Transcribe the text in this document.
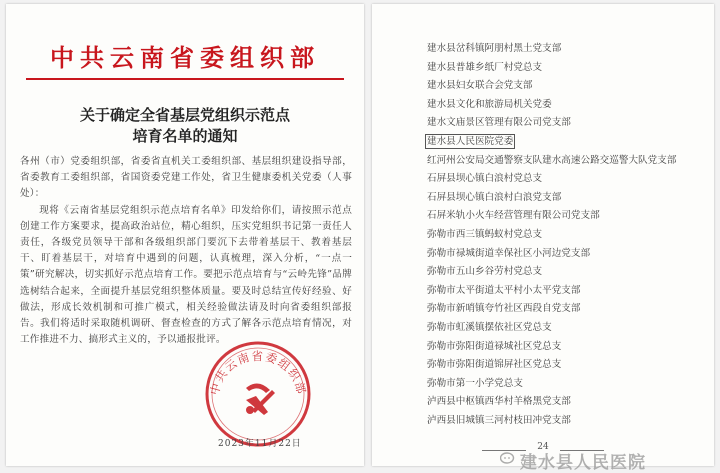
中共云南省委组织部
关于确定全省基层党组织示范点
培育名单的通知

各州（市）党委组织部，省委省直机关工委组织部、基层组织建设指导部，省委教育工委组织部，省国资委党建工作处，省卫生健康委机关党委（人事处）：

现将《云南省基层党组织示范点培育名单》印发给你们，请按照示范点创建工作方案要求，提高政治站位，精心组织，压实党组织书记第一责任人责任，各级党员领导干部和各级组织部门要沉下去带着基层干、教着基层干、盯着基层干，对培育中遇到的问题，认真梳理，深入分析，“一点一策”研究解决，切实抓好示范点培育工作。要把示范点培育与“云岭先锋”品牌选树结合起来，全面提升基层党组织整体质量。要及时总结宣传好经验、好做法，形成长效机制和可推广模式，相关经验做法请及时向省委组织部报告。我们将适时采取随机调研、督查检查的方式了解各示范点培育情况，对工作推进不力、搞形式主义的，予以通报批评。

中共云南省委组织部
2023年11月22日
建水县岔科镇阿朋村黑土党支部
建水县普雄乡纸厂村党总支
建水县妇女联合会党支部
建水县文化和旅游局机关党委
建水文庙景区管理有限公司党支部
建水县人民医院党委
红河州公安局交通警察支队建水高速公路交巡警大队党支部
石屏县坝心镇白浪村党总支
石屏县坝心镇白浪村白浪党支部
石屏米轨小火车经营管理有限公司党支部
弥勒市西三镇蚂蚁村党总支
弥勒市禄城街道幸保社区小河边党支部
弥勒市五山乡谷劳村党总支
弥勒市太平街道太平村小太平党支部
弥勒市新哨镇夸竹社区西段自党支部
弥勒市虹溪镇摆依社区党总支
弥勒市弥阳街道禄城社区党总支
弥勒市弥阳街道锦屏社区党总支
弥勒市第一小学党总支
泸西县中枢镇西华村羊格黑党支部
泸西县旧城镇三河村枝田冲党支部
24
建水县人民医院
